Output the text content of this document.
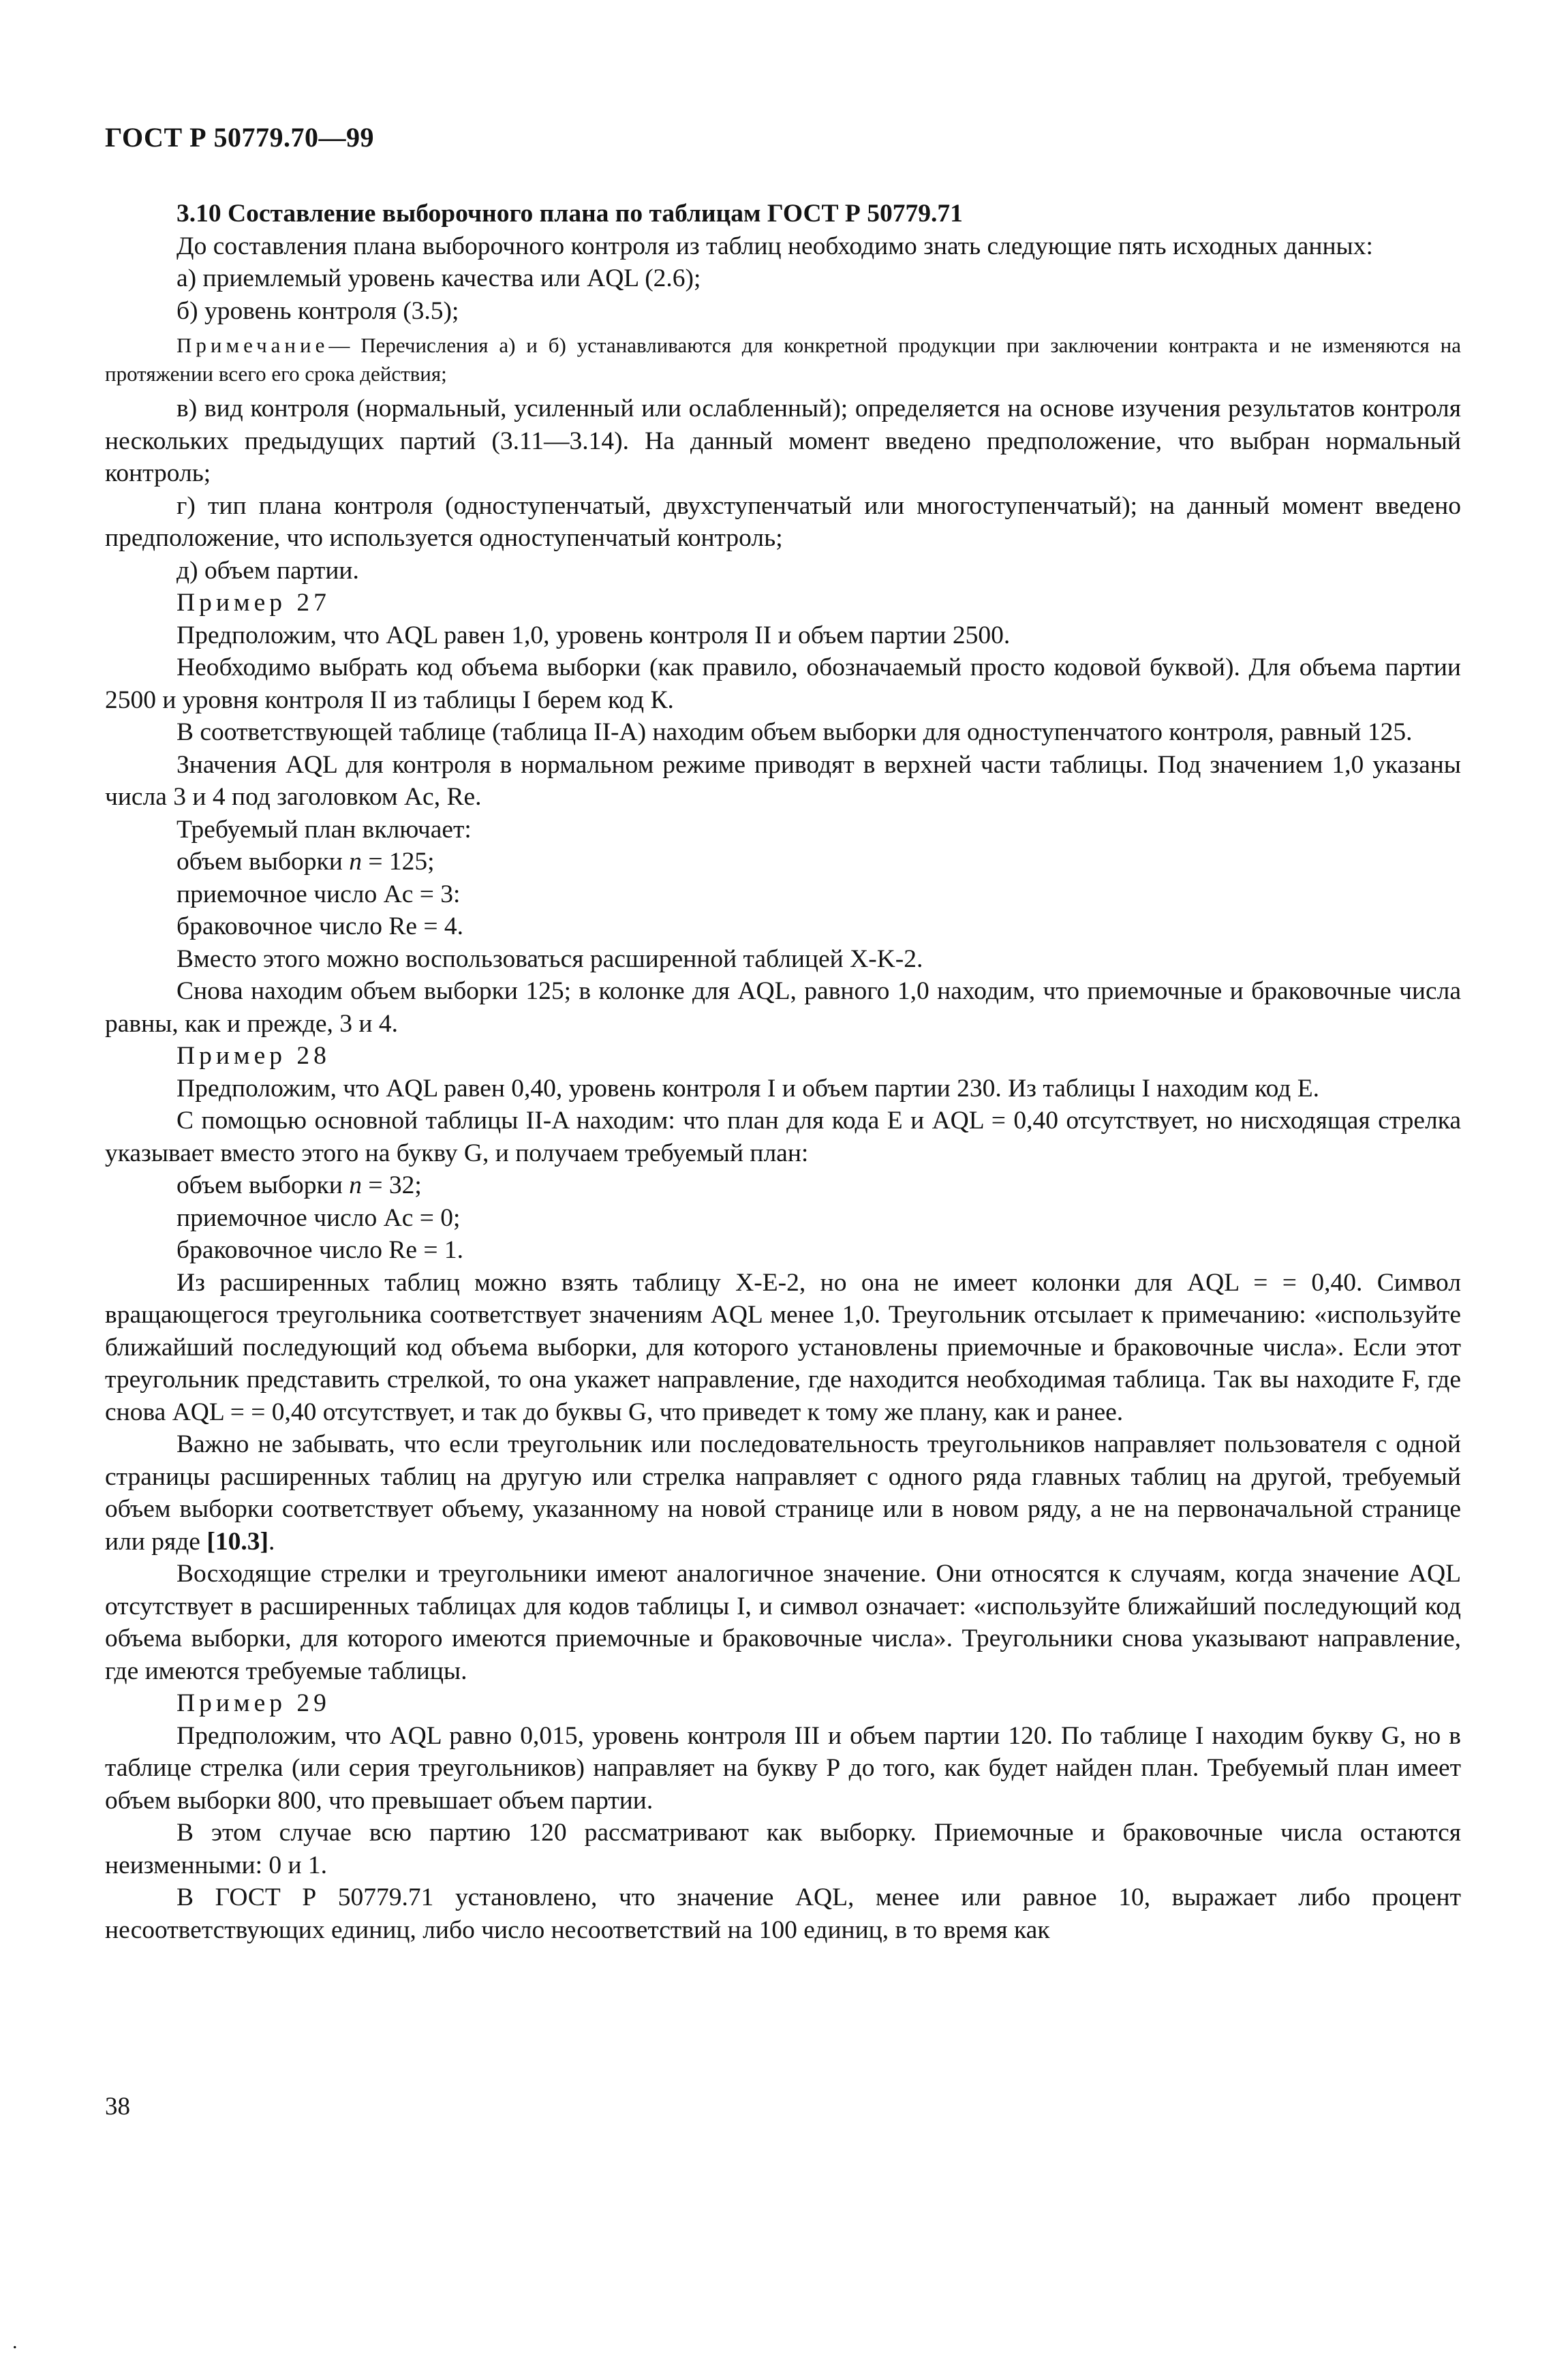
ГОСТ Р 50779.70—99

3.10 Составление выборочного плана по таблицам ГОСТ Р 50779.71

До составления плана выборочного контроля из таблиц необходимо знать следующие пять исходных данных:

а) приемлемый уровень качества или AQL (2.6);

б) уровень контроля (3.5);

Примечание— Перечисления а) и б) устанавливаются для конкретной продукции при заключении контракта и не изменяются на протяжении всего его срока действия;

в) вид контроля (нормальный, усиленный или ослабленный); определяется на основе изучения результатов контроля нескольких предыдущих партий (3.11—3.14). На данный момент введено предположение, что выбран нормальный контроль;

г) тип плана контроля (одноступенчатый, двухступенчатый или многоступенчатый); на данный момент введено предположение, что используется одноступенчатый контроль;

д) объем партии.

Пример 27

Предположим, что AQL равен 1,0, уровень контроля II и объем партии 2500.

Необходимо выбрать код объема выборки (как правило, обозначаемый просто кодовой буквой). Для объема партии 2500 и уровня контроля II из таблицы I берем код К.

В соответствующей таблице (таблица II-А) находим объем выборки для одноступенчатого контроля, равный 125.

Значения AQL для контроля в нормальном режиме приводят в верхней части таблицы. Под значением 1,0 указаны числа 3 и 4 под заголовком Ac, Re.

Требуемый план включает:

объем выборки n = 125;

приемочное число Ac = 3:

браковочное число Re = 4.

Вместо этого можно воспользоваться расширенной таблицей X-K-2.

Снова находим объем выборки 125; в колонке для AQL, равного 1,0 находим, что приемочные и браковочные числа равны, как и прежде, 3 и 4.

Пример 28

Предположим, что AQL равен 0,40, уровень контроля I и объем партии 230. Из таблицы I находим код Е.

С помощью основной таблицы II-A находим: что план для кода Е и AQL = 0,40 отсутствует, но нисходящая стрелка указывает вместо этого на букву G, и получаем требуемый план:

объем выборки n = 32;

приемочное число Ac = 0;

браковочное число Re = 1.

Из расширенных таблиц можно взять таблицу Х-Е-2, но она не имеет колонки для AQL = = 0,40. Символ вращающегося треугольника соответствует значениям AQL менее 1,0. Треугольник отсылает к примечанию: «используйте ближайший последующий код объема выборки, для которого установлены приемочные и браковочные числа». Если этот треугольник представить стрелкой, то она укажет направление, где находится необходимая таблица. Так вы находите F, где снова AQL = = 0,40 отсутствует, и так до буквы G, что приведет к тому же плану, как и ранее.

Важно не забывать, что если треугольник или последовательность треугольников направляет пользователя с одной страницы расширенных таблиц на другую или стрелка направляет с одного ряда главных таблиц на другой, требуемый объем выборки соответствует объему, указанному на новой странице или в новом ряду, а не на первоначальной странице или ряде [10.3].

Восходящие стрелки и треугольники имеют аналогичное значение. Они относятся к случаям, когда значение AQL отсутствует в расширенных таблицах для кодов таблицы I, и символ означает: «используйте ближайший последующий код объема выборки, для которого имеются приемочные и браковочные числа». Треугольники снова указывают направление, где имеются требуемые таблицы.

Пример 29

Предположим, что AQL равно 0,015, уровень контроля III и объем партии 120. По таблице I находим букву G, но в таблице стрелка (или серия треугольников) направляет на букву Р до того, как будет найден план. Требуемый план имеет объем выборки 800, что превышает объем партии.

В этом случае всю партию 120 рассматривают как выборку. Приемочные и браковочные числа остаются неизменными: 0 и 1.

В ГОСТ Р 50779.71 установлено, что значение AQL, менее или равное 10, выражает либо процент несоответствующих единиц, либо число несоответствий на 100 единиц, в то время как

38

.
